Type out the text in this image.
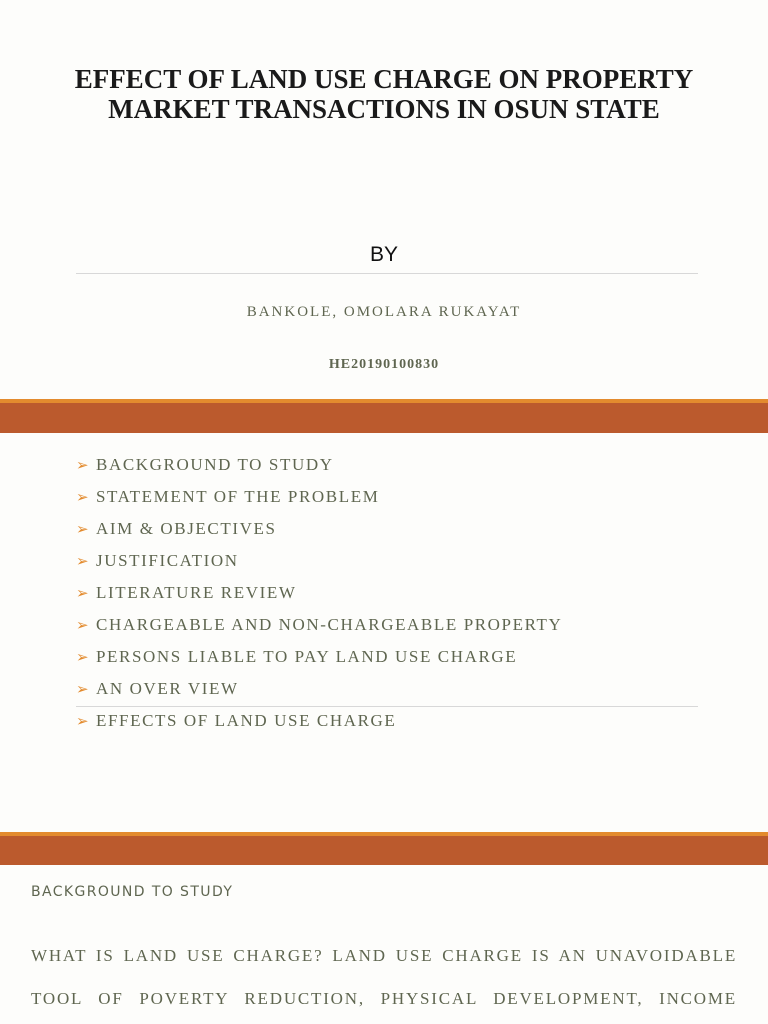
EFFECT OF LAND USE CHARGE ON PROPERTY MARKET TRANSACTIONS IN OSUN STATE
BY
BANKOLE, OMOLARA RUKAYAT
HE20190100830
➢ BACKGROUND TO STUDY
➢ STATEMENT OF THE PROBLEM
➢ AIM & OBJECTIVES
➢ JUSTIFICATION
➢ LITERATURE REVIEW
➢ CHARGEABLE AND NON-CHARGEABLE PROPERTY
➢ PERSONS LIABLE TO PAY LAND USE CHARGE
➢ AN OVER VIEW
➢ EFFECTS OF LAND USE CHARGE
BACKGROUND TO STUDY
WHAT IS LAND USE CHARGE? LAND USE CHARGE IS AN UNAVOIDABLE
TOOL OF POVERTY REDUCTION, PHYSICAL DEVELOPMENT, INCOME
